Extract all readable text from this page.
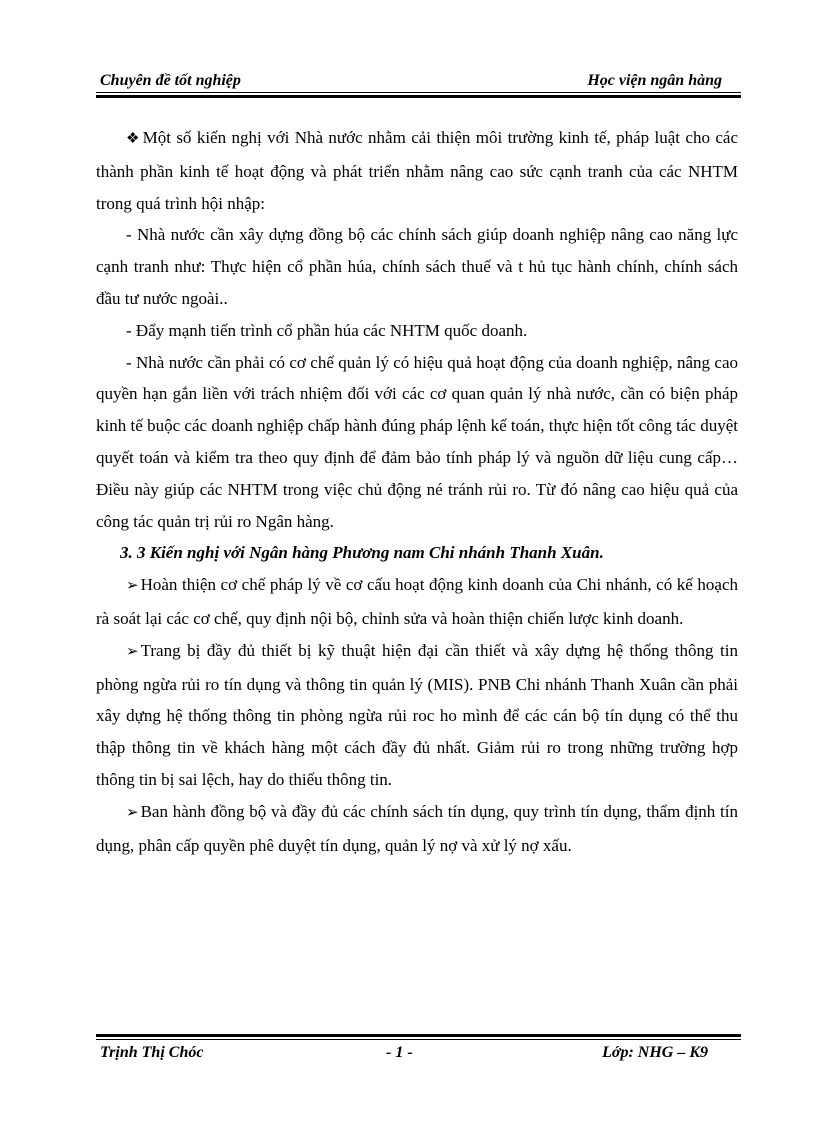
Chuyên đề tốt nghiệp	Học viện ngân hàng

❖ Một số kiến nghị với Nhà nước nhằm cải thiện môi trường kinh tế, pháp luật cho các thành phần kinh tế hoạt động và phát triển nhằm nâng cao sức cạnh tranh của các NHTM trong quá trình hội nhập:

- Nhà nước cần xây dựng đồng bộ các chính sách giúp doanh nghiệp nâng cao năng lực cạnh tranh như: Thực hiện cổ phần húa, chính sách thuế và t hủ tục hành chính, chính sách đầu tư nước ngoài..

- Đẩy mạnh tiến trình cổ phần húa các NHTM quốc doanh.

- Nhà nước cần phải có cơ chế quản lý có hiệu quả hoạt động của doanh nghiệp, nâng cao quyền hạn gắn liền với trách nhiệm đối với các cơ quan quản lý nhà nước, cần có biện pháp kinh tế buộc các doanh nghiệp chấp hành đúng pháp lệnh kế toán, thực hiện tốt công tác duyệt quyết toán và kiểm tra theo quy định để đảm bảo tính pháp lý và nguồn dữ liệu cung cấp…Điều này giúp các NHTM trong việc chủ động né tránh rủi ro. Từ đó nâng cao hiệu quả của công tác quản trị rủi ro Ngân hàng.

3. 3 Kiến nghị với Ngân hàng Phương nam Chi nhánh Thanh Xuân.

➢ Hoàn thiện cơ chế pháp lý về cơ cấu hoạt động kinh doanh của Chi nhánh, có kế hoạch rà soát lại các cơ chế, quy định nội bộ, chỉnh sửa và hoàn thiện chiến lược kinh doanh.

➢ Trang bị đầy đủ thiết bị kỹ thuật hiện đại cần thiết và xây dựng hệ thống thông tin phòng ngừa rủi ro tín dụng và thông tin quản lý (MIS). PNB Chi nhánh Thanh Xuân cần phải xây dựng hệ thống thông tin phòng ngừa rủi roc ho mình để các cán bộ tín dụng có thể thu thập thông tin về khách hàng một cách đầy đủ nhất. Giảm rủi ro trong những trường hợp thông tin bị sai lệch, hay do thiếu thông tin.

➢ Ban hành đồng bộ và đầy đủ các chính sách tín dụng, quy trình tín dụng, thẩm định tín dụng, phân cấp quyền phê duyệt tín dụng, quản lý nợ và xử lý nợ xấu.

Trịnh Thị Chóc	- 1 -	Lớp: NHG – K9
